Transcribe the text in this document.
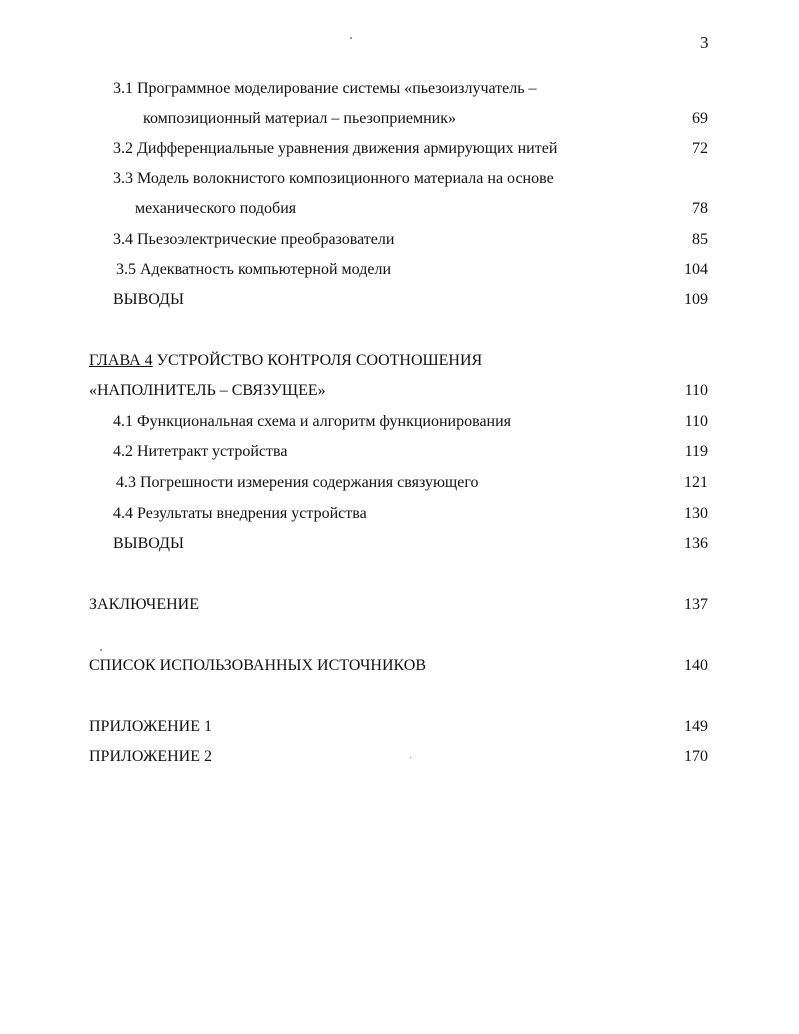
3
3.1 Программное моделирование системы «пьезоизлучатель –
композиционный материал – пьезоприемник»	69
3.2 Дифференциальные уравнения движения армирующих нитей	72
3.3 Модель волокнистого композиционного материала на основе
механического подобия	78
3.4 Пьезоэлектрические преобразователи	85
3.5 Адекватность компьютерной модели	104
ВЫВОДЫ	109
ГЛАВА 4 УСТРОЙСТВО КОНТРОЛЯ СООТНОШЕНИЯ
«НАПОЛНИТЕЛЬ – СВЯЗУЩЕЕ»	110
4.1 Функциональная схема и алгоритм функционирования	110
4.2 Нитетракт устройства	119
4.3 Погрешности измерения содержания связующего	121
4.4 Результаты внедрения устройства	130
ВЫВОДЫ	136
ЗАКЛЮЧЕНИЕ	137
СПИСОК ИСПОЛЬЗОВАННЫХ ИСТОЧНИКОВ	140
ПРИЛОЖЕНИЕ 1	149
ПРИЛОЖЕНИЕ 2	170
